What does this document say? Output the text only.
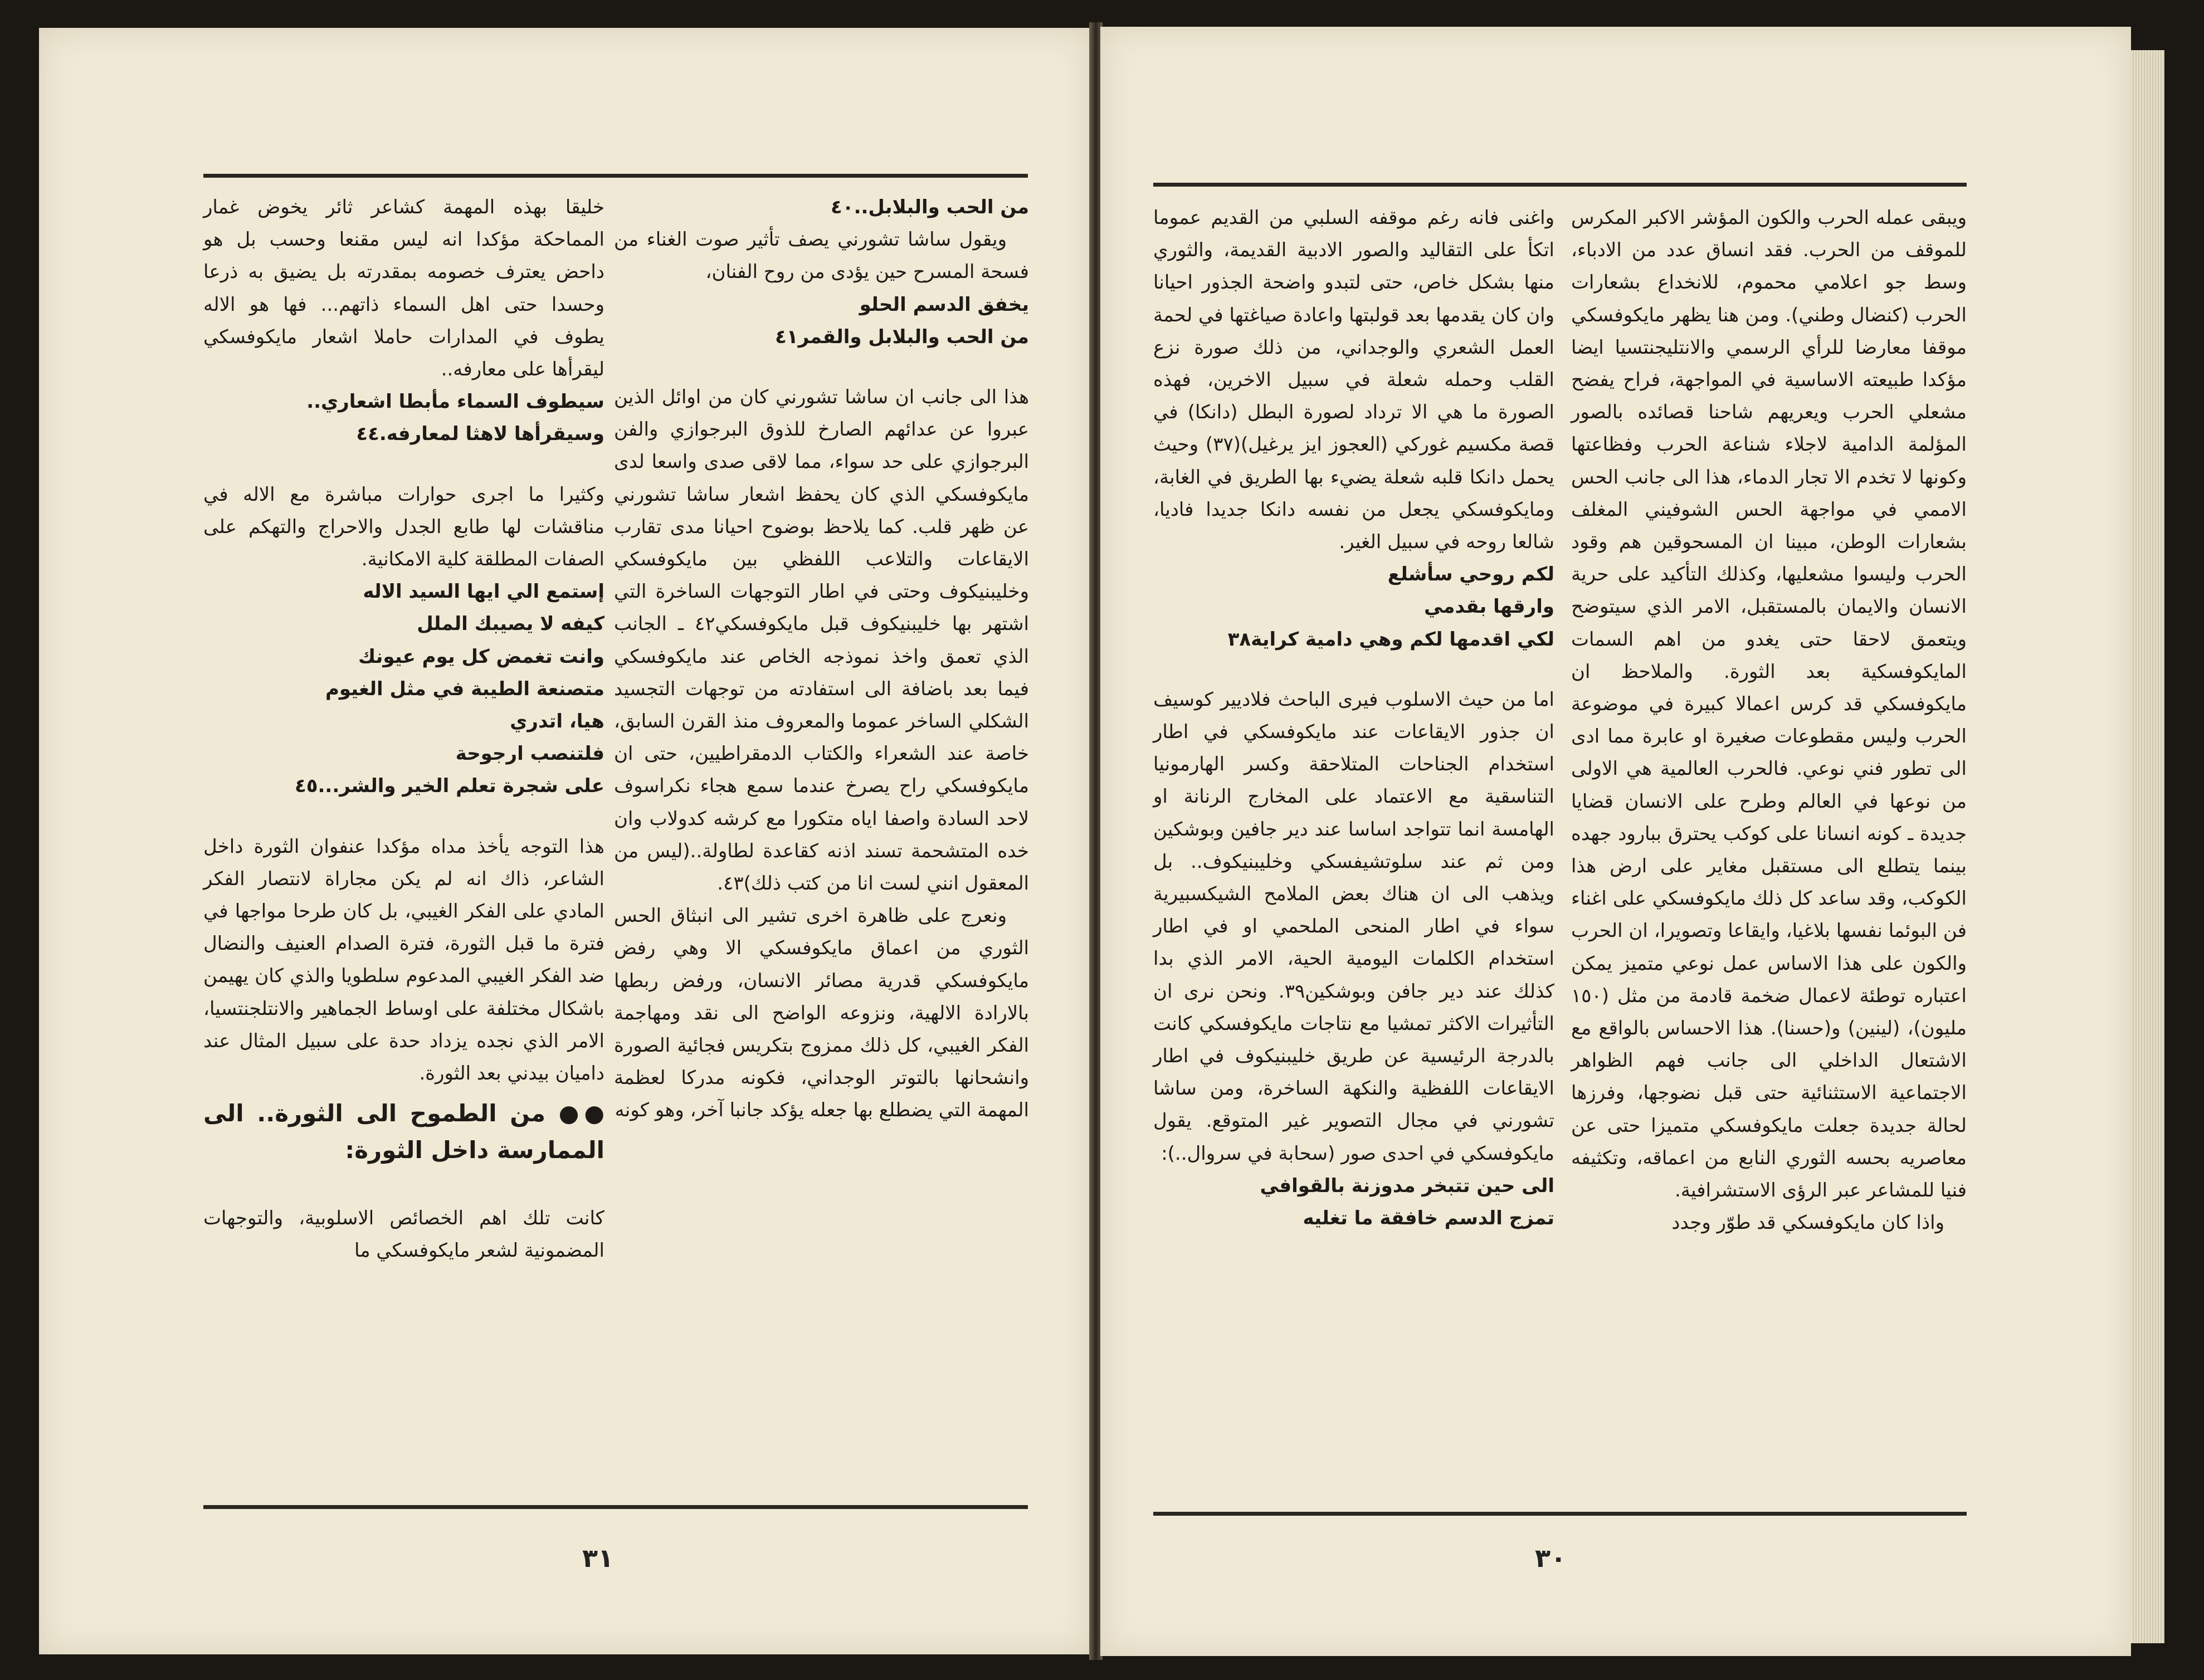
من الحب والبلابل..٤٠

ويقول ساشا تشورني يصف تأثير صوت الغناء من فسحة المسرح حين يؤدى من روح الفنان،

يخفق الدسم الحلو

من الحب والبلابل والقمر٤١

هذا الى جانب ان ساشا تشورني كان من اوائل الذين عبروا عن عدائهم الصارخ للذوق البرجوازي والفن البرجوازي على حد سواء، مما لاقى صدى واسعا لدى مايكوفسكي الذي كان يحفظ اشعار ساشا تشورني عن ظهر قلب. كما يلاحظ بوضوح احيانا مدى تقارب الايقاعات والتلاعب اللفظي بين مايكوفسكي وخليبنيكوف وحتى في اطار التوجهات الساخرة التي اشتهر بها خليبنيكوف قبل مايكوفسكي٤٢ ـ الجانب الذي تعمق واخذ نموذجه الخاص عند مايكوفسكي فيما بعد باضافة الى استفادته من توجهات التجسيد الشكلي الساخر عموما والمعروف منذ القرن السابق، خاصة عند الشعراء والكتاب الدمقراطيين، حتى ان مايكوفسكي راح يصرخ عندما سمع هجاء نكراسوف لاحد السادة واصفا اياه متكورا مع كرشه كدولاب وان خده المتشحمة تسند اذنه كقاعدة لطاولة..(ليس من المعقول انني لست انا من كتب ذلك)٤٣.

ونعرج على ظاهرة اخرى تشير الى انبثاق الحس الثوري من اعماق مايكوفسكي الا وهي رفض مايكوفسكي قدرية مصائر الانسان، ورفض ربطها بالارادة الالهية، ونزوعه الواضح الى نقد ومهاجمة الفكر الغيبي، كل ذلك ممزوج بتكريس فجائية الصورة وانشحانها بالتوتر الوجداني، فكونه مدركا لعظمة المهمة التي يضطلع بها جعله يؤكد جانبا آخر، وهو كونه

خليقا بهذه المهمة كشاعر ثائر يخوض غمار المماحكة مؤكدا انه ليس مقنعا وحسب بل هو داحض يعترف خصومه بمقدرته بل يضيق به ذرعا وحسدا حتى اهل السماء ذاتهم... فها هو الاله يطوف في المدارات حاملا اشعار مايكوفسكي ليقرأها على معارفه..

سيطوف السماء مأبطا اشعاري..

وسيقرأها لاهثا لمعارفه.٤٤

وكثيرا ما اجرى حوارات مباشرة مع الاله في مناقشات لها طابع الجدل والاحراج والتهكم على الصفات المطلقة كلية الامكانية.

إستمع الي ايها السيد الاله

كيفه لا يصيبك الملل

وانت تغمض كل يوم عيونك

متصنعة الطيبة في مثل الغيوم

هيا، اتدري

فلتنصب ارجوحة

على شجرة تعلم الخير والشر...٤٥

هذا التوجه يأخذ مداه مؤكدا عنفوان الثورة داخل الشاعر، ذاك انه لم يكن مجاراة لانتصار الفكر المادي على الفكر الغيبي، بل كان طرحا مواجها في فترة ما قبل الثورة، فترة الصدام العنيف والنضال ضد الفكر الغيبي المدعوم سلطويا والذي كان يهيمن باشكال مختلفة على اوساط الجماهير والانتلجنتسيا، الامر الذي نجده يزداد حدة على سبيل المثال عند داميان بيدني بعد الثورة.

●● من الطموح الى الثورة.. الى الممارسة داخل الثورة:

كانت تلك اهم الخصائص الاسلوبية، والتوجهات المضمونية لشعر مايكوفسكي ما

٣١

ويبقى عمله الحرب والكون المؤشر الاكبر المكرس للموقف من الحرب. فقد انساق عدد من الادباء، وسط جو اعلامي محموم، للانخداع بشعارات الحرب (كنضال وطني). ومن هنا يظهر مايكوفسكي موقفا معارضا للرأي الرسمي والانتليجنتسيا ايضا مؤكدا طبيعته الاساسية في المواجهة، فراح يفضح مشعلي الحرب ويعريهم شاحنا قصائده بالصور المؤلمة الدامية لاجلاء شناعة الحرب وفظاعتها وكونها لا تخدم الا تجار الدماء، هذا الى جانب الحس الاممي في مواجهة الحس الشوفيني المغلف بشعارات الوطن، مبينا ان المسحوقين هم وقود الحرب وليسوا مشعليها، وكذلك التأكيد على حرية الانسان والايمان بالمستقبل، الامر الذي سيتوضح ويتعمق لاحقا حتى يغدو من اهم السمات المايكوفسكية بعد الثورة. والملاحظ ان مايكوفسكي قد كرس اعمالا كبيرة في موضوعة الحرب وليس مقطوعات صغيرة او عابرة مما ادى الى تطور فني نوعي. فالحرب العالمية هي الاولى من نوعها في العالم وطرح على الانسان قضايا جديدة ـ كونه انسانا على كوكب يحترق ببارود جهده بينما يتطلع الى مستقبل مغاير على ارض هذا الكوكب، وقد ساعد كل ذلك مايكوفسكي على اغناء فن البوئما نفسها بلاغيا، وايقاعا وتصويرا، ان الحرب والكون على هذا الاساس عمل نوعي متميز يمكن اعتباره توطئة لاعمال ضخمة قادمة من مثل (١٥٠ مليون)، (لينين) و(حسنا). هذا الاحساس بالواقع مع الاشتعال الداخلي الى جانب فهم الظواهر الاجتماعية الاستثنائية حتى قبل نضوجها، وفرزها لحالة جديدة جعلت مايكوفسكي متميزا حتى عن معاصريه بحسه الثوري النابع من اعماقه، وتكثيفه فنيا للمشاعر عبر الرؤى الاستشرافية.

واذا كان مايكوفسكي قد طوّر وجدد

واغنى فانه رغم موقفه السلبي من القديم عموما اتكأ على التقاليد والصور الادبية القديمة، والثوري منها بشكل خاص، حتى لتبدو واضحة الجذور احيانا وان كان يقدمها بعد قولبتها واعادة صياغتها في لحمة العمل الشعري والوجداني، من ذلك صورة نزع القلب وحمله شعلة في سبيل الاخرين، فهذه الصورة ما هي الا ترداد لصورة البطل (دانكا) في قصة مكسيم غوركي (العجوز ايز يرغيل)(٣٧) وحيث يحمل دانكا قلبه شعلة يضيء بها الطريق في الغابة، ومايكوفسكي يجعل من نفسه دانكا جديدا فاديا، شالعا روحه في سبيل الغير.

لكم روحي سأشلع

وارقها بقدمي

لكي اقدمها لكم وهي دامية كراية٣٨

اما من حيث الاسلوب فيرى الباحث فلاديير كوسيف ان جذور الايقاعات عند مايكوفسكي في اطار استخدام الجناحات المتلاحقة وكسر الهارمونيا التناسقية مع الاعتماد على المخارج الرنانة او الهامسة انما تتواجد اساسا عند دير جافين وبوشكين ومن ثم عند سلوتشيفسكي وخليبنيكوف.. بل ويذهب الى ان هناك بعض الملامح الشيكسبيرية سواء في اطار المنحى الملحمي او في اطار استخدام الكلمات اليومية الحية، الامر الذي بدا كذلك عند دير جافن وبوشكين٣٩. ونحن نرى ان التأثيرات الاكثر تمشيا مع نتاجات مايكوفسكي كانت بالدرجة الرئيسية عن طريق خليبنيكوف في اطار الايقاعات اللفظية والنكهة الساخرة، ومن ساشا تشورني في مجال التصوير غير المتوقع. يقول مايكوفسكي في احدى صور (سحابة في سروال..):

الى حين تتبخر مدوزنة بالقوافي

تمزج الدسم خافقة ما تغليه

٣٠
